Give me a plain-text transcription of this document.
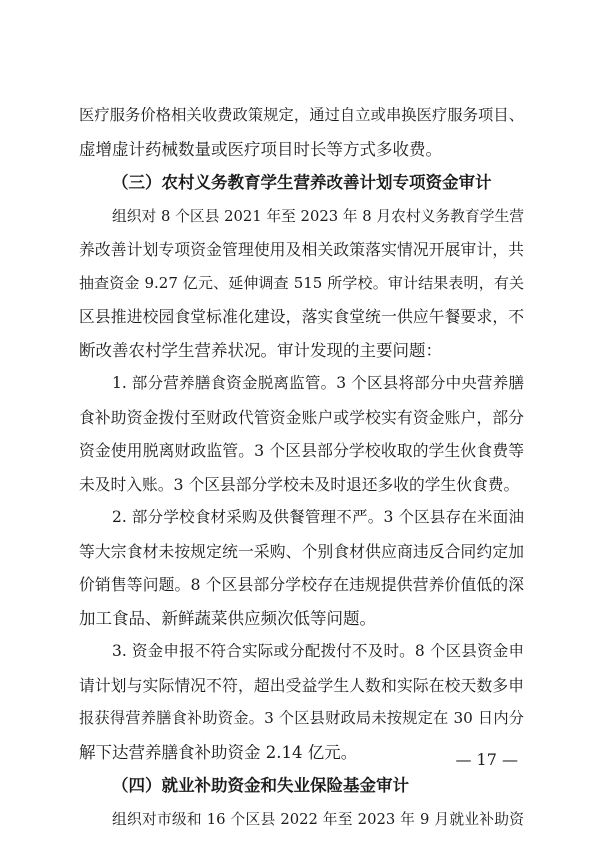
医疗服务价格相关收费政策规定，通过自立或串换医疗服务项目、
虚增虚计药械数量或医疗项目时长等方式多收费。
（三）农村义务教育学生营养改善计划专项资金审计
组织对 8 个区县 2021 年至 2023 年 8 月农村义务教育学生营
养改善计划专项资金管理使用及相关政策落实情况开展审计，共
抽查资金 9.27 亿元、延伸调查 515 所学校。审计结果表明，有关
区县推进校园食堂标准化建设，落实食堂统一供应午餐要求，不
断改善农村学生营养状况。审计发现的主要问题：
1. 部分营养膳食资金脱离监管。3 个区县将部分中央营养膳
食补助资金拨付至财政代管资金账户或学校实有资金账户，部分
资金使用脱离财政监管。3 个区县部分学校收取的学生伙食费等
未及时入账。3 个区县部分学校未及时退还多收的学生伙食费。
2. 部分学校食材采购及供餐管理不严。3 个区县存在米面油
等大宗食材未按规定统一采购、个别食材供应商违反合同约定加
价销售等问题。8 个区县部分学校存在违规提供营养价值低的深
加工食品、新鲜蔬菜供应频次低等问题。
3. 资金申报不符合实际或分配拨付不及时。8 个区县资金申
请计划与实际情况不符，超出受益学生人数和实际在校天数多申
报获得营养膳食补助资金。3 个区县财政局未按规定在 30 日内分
解下达营养膳食补助资金 2.14 亿元。
（四）就业补助资金和失业保险基金审计
组织对市级和 16 个区县 2022 年至 2023 年 9 月就业补助资
— 17 —
